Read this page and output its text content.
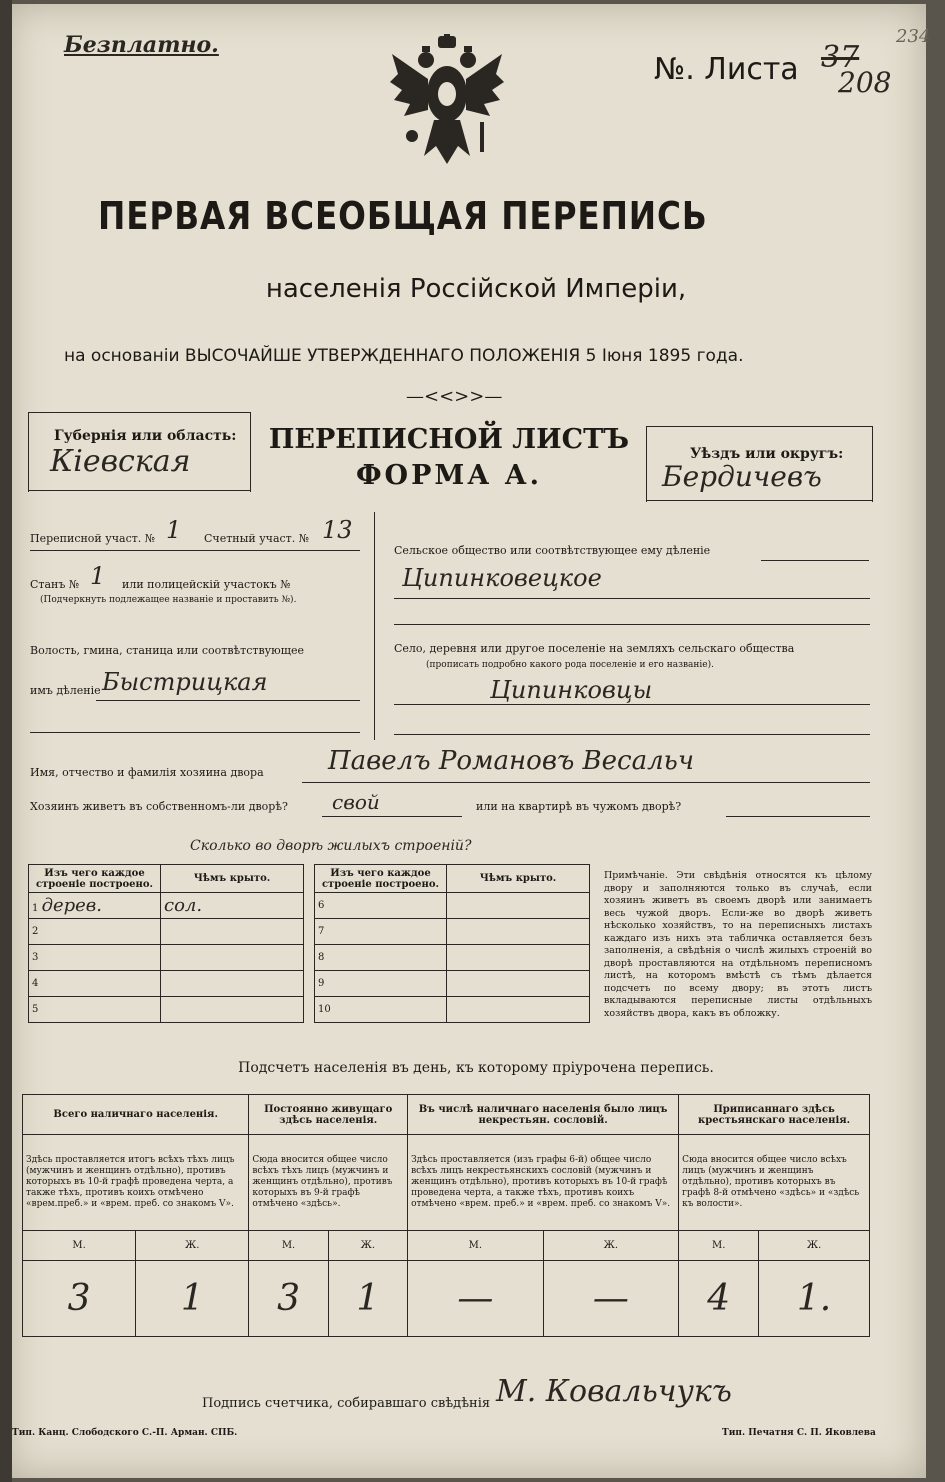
Безплатно.
№. Листа 37
208
234
ПЕРВАЯ ВСЕОБЩАЯ ПЕРЕПИСЬ
населенія Россійской Имперіи,
на основаніи ВЫСОЧАЙШЕ УТВЕРЖДЕННАГО ПОЛОЖЕНІЯ 5 Іюня 1895 года.
—<<>>—
Губернія или область:
Кіевская
ПЕРЕПИСНОЙ ЛИСТЪ
ФОРМА А.
Уѣздъ или округъ:
Бердичевъ
Переписной участ. № 1 Счетный участ. № 13
Станъ № 1 или полицейскій участокъ №
(Подчеркнуть подлежащее названіе и проставить №).
Волость, гмина, станица или соотвѣтствующее
имъ дѣленіе Быстрицкая
Сельское общество или соотвѣтствующее ему дѣленіе
Ципинковецкое
Село, деревня или другое поселеніе на земляхъ сельскаго общества
(прописать подробно какого рода поселеніе и его названіе).
Ципинковцы
Имя, отчество и фамилія хозяина двора Павелъ Романовъ Весальч
Хозяинъ живетъ въ собственномъ-ли дворѣ? свой	или на квартирѣ въ чужомъ дворѣ?
Сколько во дворѣ жилыхъ строеній?
Изъ чего каждое строеніе построено.	Чѣмъ крыто.
1 дерев.	сол.
2	
3	
4	
5	
Изъ чего каждое строеніе построено.	Чѣмъ крыто.
6	
7	
8	
9	
10	
Примѣчаніе. Эти свѣдѣнія относятся къ цѣлому двору и заполняются только въ случаѣ, если хозяинъ живетъ въ своемъ дворѣ или занимаетъ весь чужой дворъ. Если-же во дворѣ живетъ нѣсколько хозяйствъ, то на переписныхъ листахъ каждаго изъ нихъ эта табличка оставляется безъ заполненія, а свѣдѣнія о числѣ жилыхъ строеній во дворѣ проставляются на отдѣльномъ переписномъ листѣ, на которомъ вмѣстѣ съ тѣмъ дѣлается подсчетъ по всему двору; въ этотъ листъ вкладываются переписные листы отдѣльныхъ хозяйствъ двора, какъ въ обложку.
Подсчетъ населенія въ день, къ которому пріурочена перепись.
Всего наличнаго населенія.		Постоянно живущаго здѣсь населенія.		Въ числѣ наличнаго населенія было лицъ некрестьян. сословій.		Приписаннаго здѣсь крестьянскаго населенія.	
Здѣсь проставляется итогъ всѣхъ тѣхъ лицъ (мужчинъ и женщинъ отдѣльно), противъ которыхъ въ 10-й графѣ проведена черта, а также тѣхъ, противъ коихъ отмѣчено «врем.преб.» и «врем. преб. со знакомъ V».		Сюда вносится общее число всѣхъ тѣхъ лицъ (мужчинъ и женщинъ отдѣльно), противъ которыхъ въ 9-й графѣ отмѣчено «здѣсь».		Здѣсь проставляется (изъ графы 6-й) общее число всѣхъ лицъ некрестьянскихъ сословій (мужчинъ и женщинъ отдѣльно), противъ которыхъ въ 10-й графѣ проведена черта, а также тѣхъ, противъ коихъ отмѣчено «врем. преб.» и «врем. преб. со знакомъ V».		Сюда вносится общее число всѣхъ лицъ (мужчинъ и женщинъ отдѣльно), противъ которыхъ въ графѣ 8-й отмѣчено «здѣсь» и «здѣсь къ волости».	
М.	Ж.	М.	Ж.	М.	Ж.	М.	Ж.
3	1	3	1	—	—	4	1.
Подпись счетчика, собиравшаго свѣдѣнія М. Ковальчукъ
Тип. Канц. Слободского С.-П. Арман. СПБ.	Тип. Печатня С. П. Яковлева
